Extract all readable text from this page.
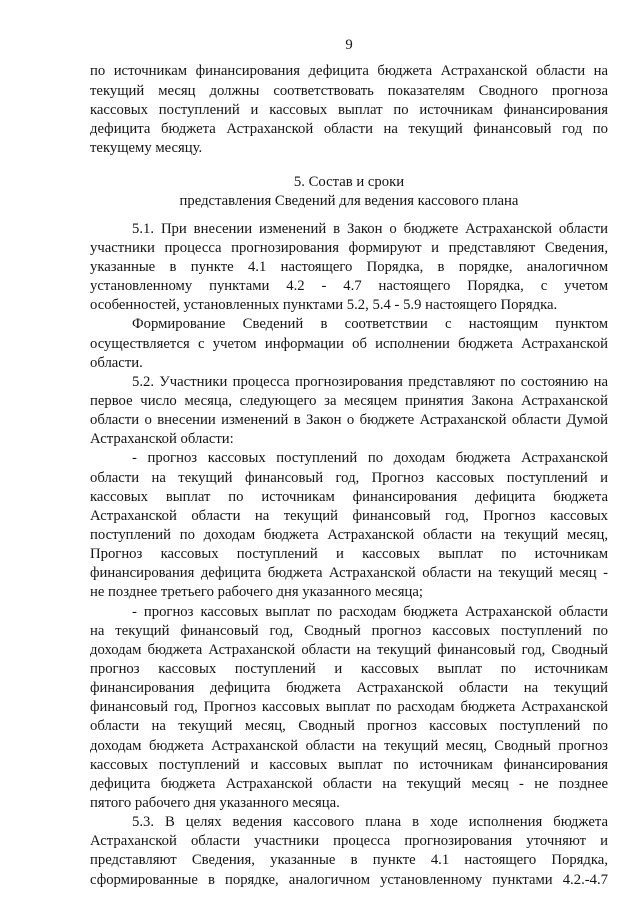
9
по источникам финансирования дефицита бюджета Астраханской области на
текущий месяц должны соответствовать показателям Сводного прогноза
кассовых поступлений и кассовых выплат по источникам финансирования
дефицита бюджета Астраханской области на текущий финансовый год по
текущему месяцу.
5. Состав и сроки
представления Сведений для ведения кассового плана
5.1. При внесении изменений в Закон о бюджете Астраханской области
участники процесса прогнозирования формируют и представляют Сведения,
указанные в пункте 4.1 настоящего Порядка, в порядке, аналогичном
установленному пунктами 4.2 - 4.7 настоящего Порядка, с учетом
особенностей, установленных пунктами 5.2, 5.4 - 5.9 настоящего Порядка.
Формирование Сведений в соответствии с настоящим пунктом
осуществляется с учетом информации об исполнении бюджета Астраханской
области.
5.2. Участники процесса прогнозирования представляют по состоянию на
первое число месяца, следующего за месяцем принятия Закона Астраханской
области о внесении изменений в Закон о бюджете Астраханской области Думой
Астраханской области:
- прогноз кассовых поступлений по доходам бюджета Астраханской
области на текущий финансовый год, Прогноз кассовых поступлений и
кассовых выплат по источникам финансирования дефицита бюджета
Астраханской области на текущий финансовый год, Прогноз кассовых
поступлений по доходам бюджета Астраханской области на текущий месяц,
Прогноз кассовых поступлений и кассовых выплат по источникам
финансирования дефицита бюджета Астраханской области на текущий месяц -
не позднее третьего рабочего дня указанного месяца;
- прогноз кассовых выплат по расходам бюджета Астраханской области
на текущий финансовый год, Сводный прогноз кассовых поступлений по
доходам бюджета Астраханской области на текущий финансовый год, Сводный
прогноз кассовых поступлений и кассовых выплат по источникам
финансирования дефицита бюджета Астраханской области на текущий
финансовый год, Прогноз кассовых выплат по расходам бюджета Астраханской
области на текущий месяц, Сводный прогноз кассовых поступлений по
доходам бюджета Астраханской области на текущий месяц, Сводный прогноз
кассовых поступлений и кассовых выплат по источникам финансирования
дефицита бюджета Астраханской области на текущий месяц - не позднее
пятого рабочего дня указанного месяца.
5.3. В целях ведения кассового плана в ходе исполнения бюджета
Астраханской области участники процесса прогнозирования уточняют и
представляют Сведения, указанные в пункте 4.1 настоящего Порядка,
сформированные в порядке, аналогичном установленному пунктами 4.2.-4.7
